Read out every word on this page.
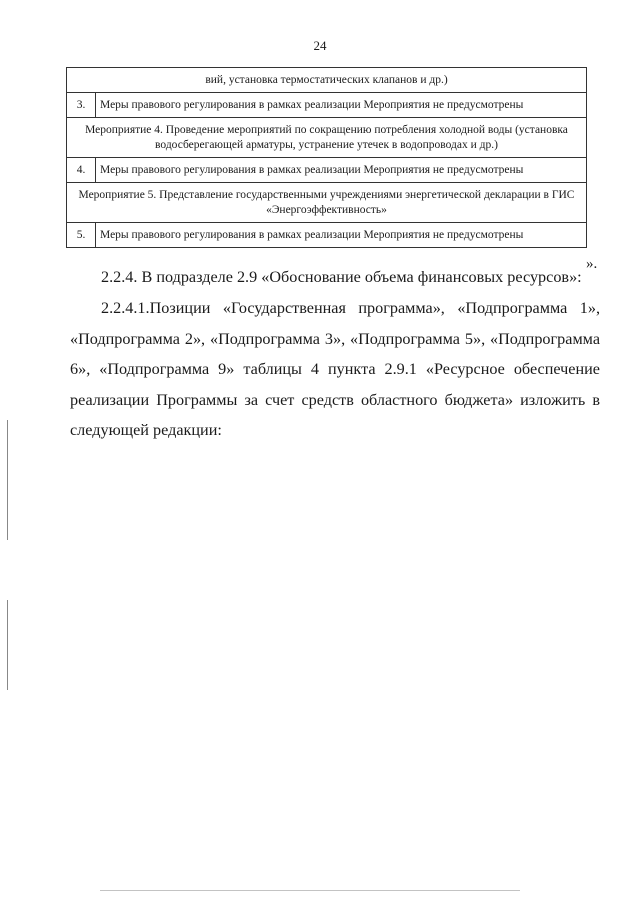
24
вий, установка термостатических клапанов и др.)	
3.	Меры правового регулирования в рамках реализации Мероприятия не предусмотрены
Мероприятие 4. Проведение мероприятий по сокращению потребления холодной воды (установка водосберегающей арматуры, устранение утечек в водопроводах и др.)	
4.	Меры правового регулирования в рамках реализации Мероприятия не предусмотрены
Мероприятие 5. Представление государственными учреждениями энергетической декларации в ГИС «Энергоэффективность»	
5.	Меры правового регулирования в рамках реализации Мероприятия не предусмотрены
».

2.2.4. В подразделе 2.9 «Обоснование объема финансовых ресурсов»:

2.2.4.1.Позиции «Государственная программа», «Подпрограмма 1», «Подпрограмма 2», «Подпрограмма 3», «Подпрограмма 5», «Подпрограмма 6», «Подпрограмма 9» таблицы 4 пункта 2.9.1 «Ресурсное обеспечение реализации Программы за счет средств областного бюджета» изложить в следующей редакции:
